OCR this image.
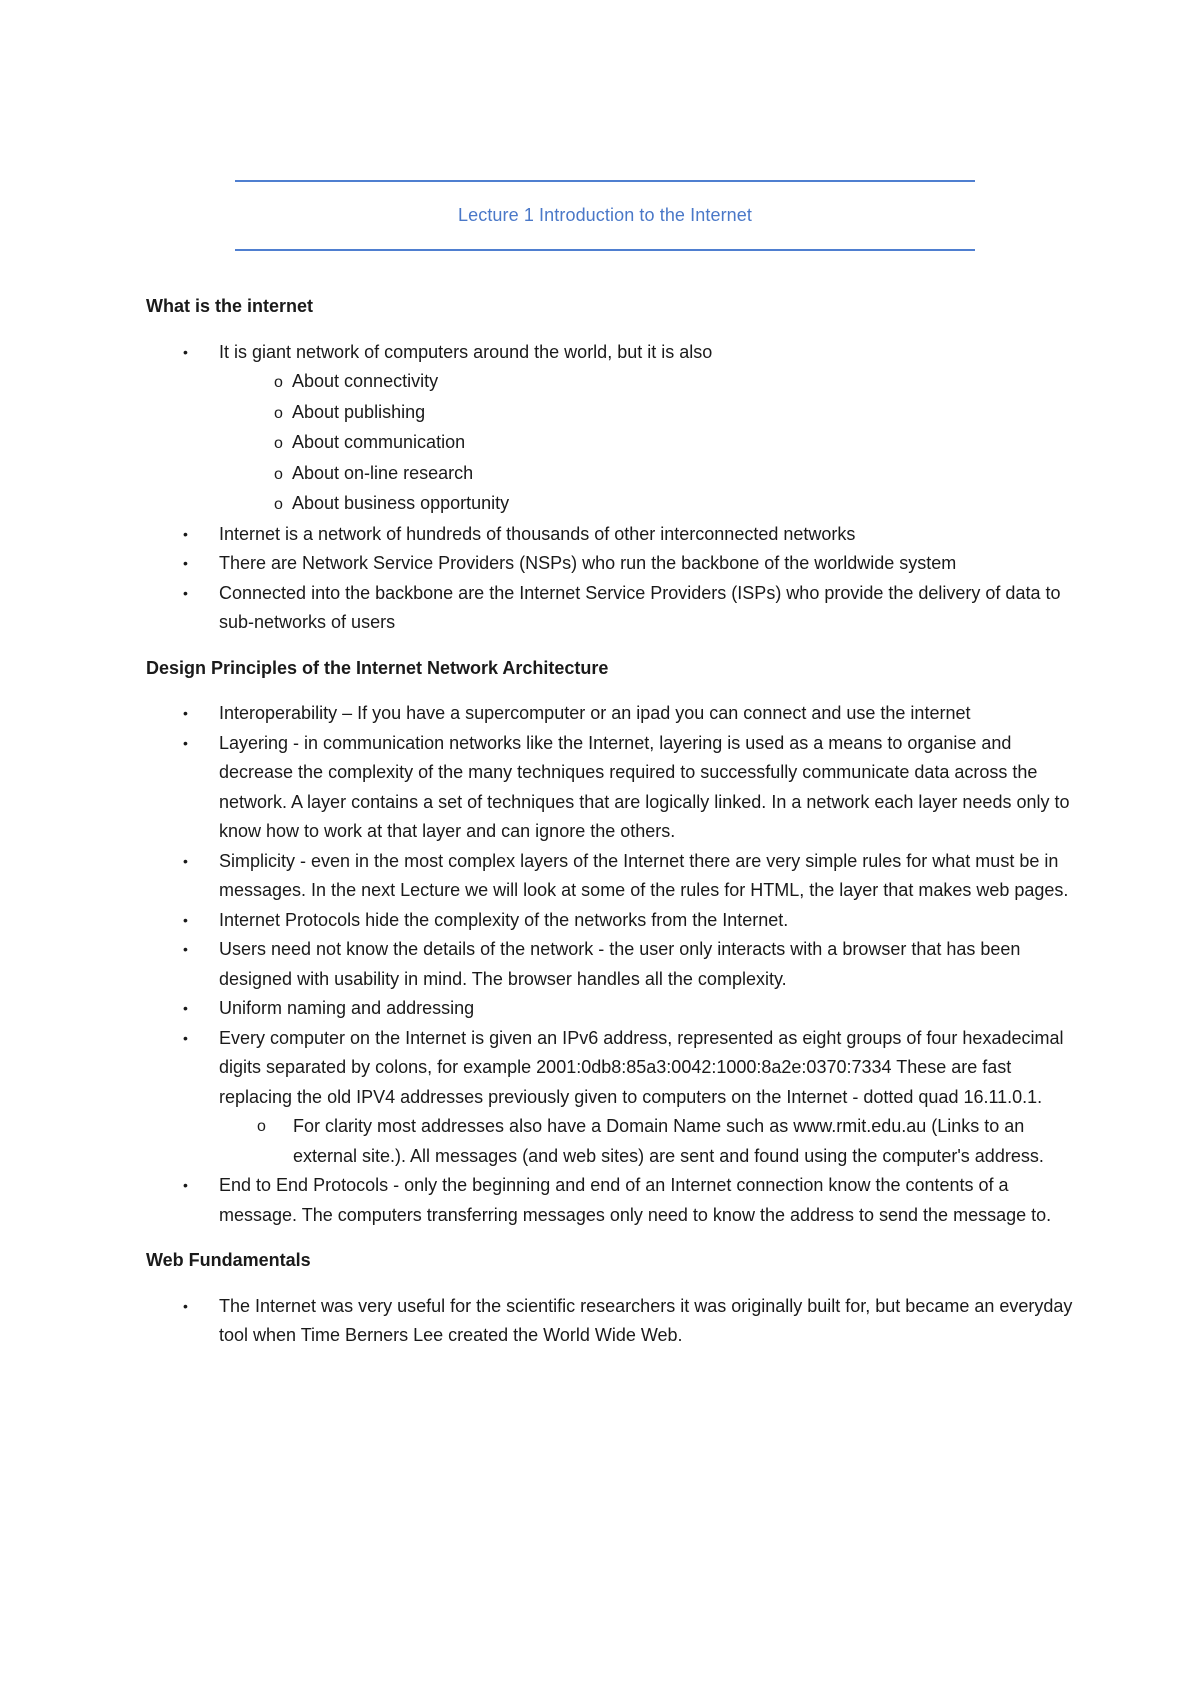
Lecture 1 Introduction to the Internet
What is the internet
• It is giant network of computers around the world, but it is also
o About connectivity
o About publishing
o About communication
o About on-line research
o About business opportunity
• Internet is a network of hundreds of thousands of other interconnected networks
• There are Network Service Providers (NSPs) who run the backbone of the worldwide system
• Connected into the backbone are the Internet Service Providers (ISPs) who provide the delivery of data to sub-networks of users
Design Principles of the Internet Network Architecture
• Interoperability – If you have a supercomputer or an ipad you can connect and use the internet
• Layering - in communication networks like the Internet, layering is used as a means to organise and decrease the complexity of the many techniques required to successfully communicate data across the network. A layer contains a set of techniques that are logically linked. In a network each layer needs only to know how to work at that layer and can ignore the others.
• Simplicity - even in the most complex layers of the Internet there are very simple rules for what must be in messages. In the next Lecture we will look at some of the rules for HTML, the layer that makes web pages.
• Internet Protocols hide the complexity of the networks from the Internet.
• Users need not know the details of the network - the user only interacts with a browser that has been designed with usability in mind. The browser handles all the complexity.
• Uniform naming and addressing
• Every computer on the Internet is given an IPv6 address, represented as eight groups of four hexadecimal digits separated by colons, for example 2001:0db8:85a3:0042:1000:8a2e:0370:7334 These are fast replacing the old IPV4 addresses previously given to computers on the Internet - dotted quad 16.11.0.1.
o For clarity most addresses also have a Domain Name such as www.rmit.edu.au (Links to an external site.). All messages (and web sites) are sent and found using the computer's address.
• End to End Protocols - only the beginning and end of an Internet connection know the contents of a message. The computers transferring messages only need to know the address to send the message to.
Web Fundamentals
• The Internet was very useful for the scientific researchers it was originally built for, but became an everyday tool when Time Berners Lee created the World Wide Web.
